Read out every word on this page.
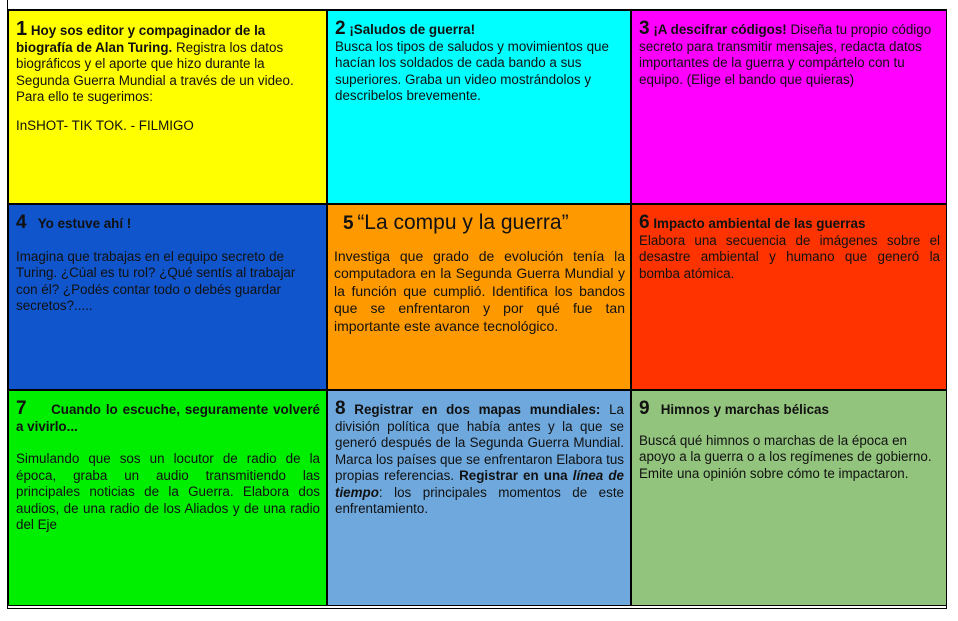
1 Hoy sos editor y compaginador de la biografía de Alan Turing. Registra los datos biográficos y el aporte que hizo durante la Segunda Guerra Mundial a través de un video. Para ello te sugerimos:
InSHOT- TIK TOK. - FILMIGO
2 ¡Saludos de guerra!
Busca los tipos de saludos y movimientos que hacían los soldados de cada bando a sus superiores. Graba un video mostrándolos y describelos brevemente.
3 ¡A descifrar códigos! Diseña tu propio código secreto para transmitir mensajes, redacta datos importantes de la guerra y compártelo con tu equipo. (Elige el bando que quieras)
4 Yo estuve ahí !
Imagina que trabajas en el equipo secreto de Turing. ¿Cúal es tu rol? ¿Qué sentís al trabajar con él? ¿Podés contar todo o debés guardar secretos?.....
5 “La compu y la guerra”
Investiga que grado de evolución tenía la computadora en la Segunda Guerra Mundial y la función que cumplió. Identifica los bandos que se enfrentaron y por qué fue tan importante este avance tecnológico.
6 Impacto ambiental de las guerras

Elabora una secuencia de imágenes sobre el desastre ambiental y humano que generó la bomba atómica.
7 Cuando lo escuche, seguramente volveré a vivirlo...
Simulando que sos un locutor de radio de la época, graba un audio transmitiendo las principales noticias de la Guerra. Elabora dos audios, de una radio de los Aliados y de una radio del Eje
8 Registrar en dos mapas mundiales: La división política que había antes y la que se generó después de la Segunda Guerra Mundial. Marca los países que se enfrentaron Elabora tus propias referencias. Registrar en una línea de tiempo: los principales momentos de este enfrentamiento.
9 Himnos y marchas bélicas
Buscá qué himnos o marchas de la época en apoyo a la guerra o a los regímenes de gobierno. Emite una opinión sobre cómo te impactaron.
